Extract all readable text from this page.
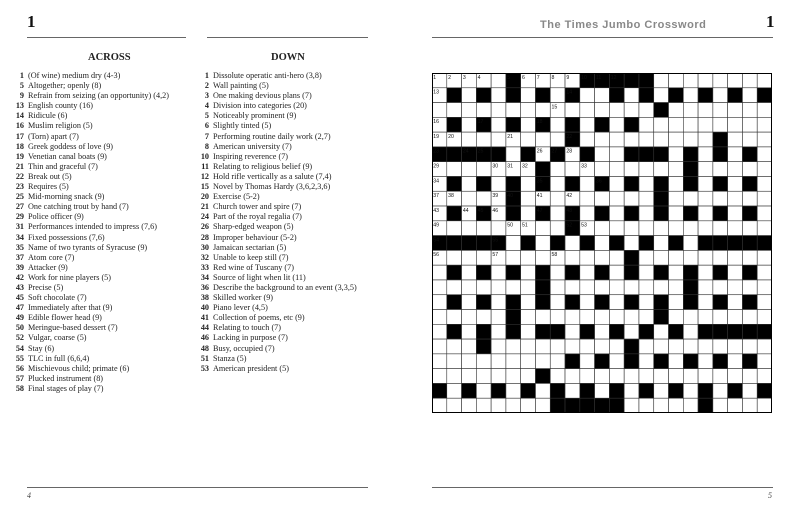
1
ACROSS	DOWN
1 (Of wine) medium dry (4-3)
5 Altogether; openly (8)
9 Refrain from seizing (an opportunity) (4,2)
13 English county (16)
14 Ridicule (6)
16 Muslim religion (5)
17 (Torn) apart (7)
18 Greek goddess of love (9)
19 Venetian canal boats (9)
21 Thin and graceful (7)
22 Break out (5)
23 Requires (5)
25 Mid-morning snack (9)
27 One catching trout by hand (7)
29 Police officer (9)
31 Performances intended to impress (7,6)
34 Fixed possessions (7,6)
35 Name of two tyrants of Syracuse (9)
37 Atom core (7)
39 Attacker (9)
42 Work for nine players (5)
43 Precise (5)
45 Soft chocolate (7)
47 Immediately after that (9)
49 Edible flower head (9)
50 Meringue-based dessert (7)
52 Vulgar, coarse (5)
54 Stay (6)
55 TLC in full (6,6,4)
56 Mischievous child; primate (6)
57 Plucked instrument (8)
58 Final stages of play (7)
1 Dissolute operatic anti-hero (3,8)
2 Wall painting (5)
3 One making devious plans (7)
4 Division into categories (20)
5 Noticeably prominent (9)
6 Slightly tinted (5)
7 Performing routine daily work (2,7)
8 American university (7)
10 Inspiring reverence (7)
11 Relating to religious belief (9)
12 Hold rifle vertically as a salute (7,4)
15 Novel by Thomas Hardy (3,6,2,3,6)
20 Exercise (5-2)
21 Church tower and spire (7)
24 Part of the royal regalia (7)
26 Sharp-edged weapon (5)
28 Improper behaviour (5-2)
30 Jamaican sectarian (5)
32 Unable to keep still (7)
33 Red wine of Tuscany (7)
34 Source of light when lit (11)
36 Describe the background to an event (3,3,5)
38 Skilled worker (9)
40 Piano lever (4,5)
41 Collection of poems, etc (9)
44 Relating to touch (7)
46 Lacking in purpose (7)
48 Busy, occupied (7)
51 Stanza (5)
53 American president (5)
4
The Times Jumbo Crossword	1
1 2 3 4	5 6 7 8 9 10 11 12
13	14
15
16	17	18
19 20	21	22
23	24 25	26 27 28
29	30 31 32	33
34	35	36
37 38	39 40	41	42
43	44 45 46	47	48
49	50 51	52 53
54	55
56	57	58
5
